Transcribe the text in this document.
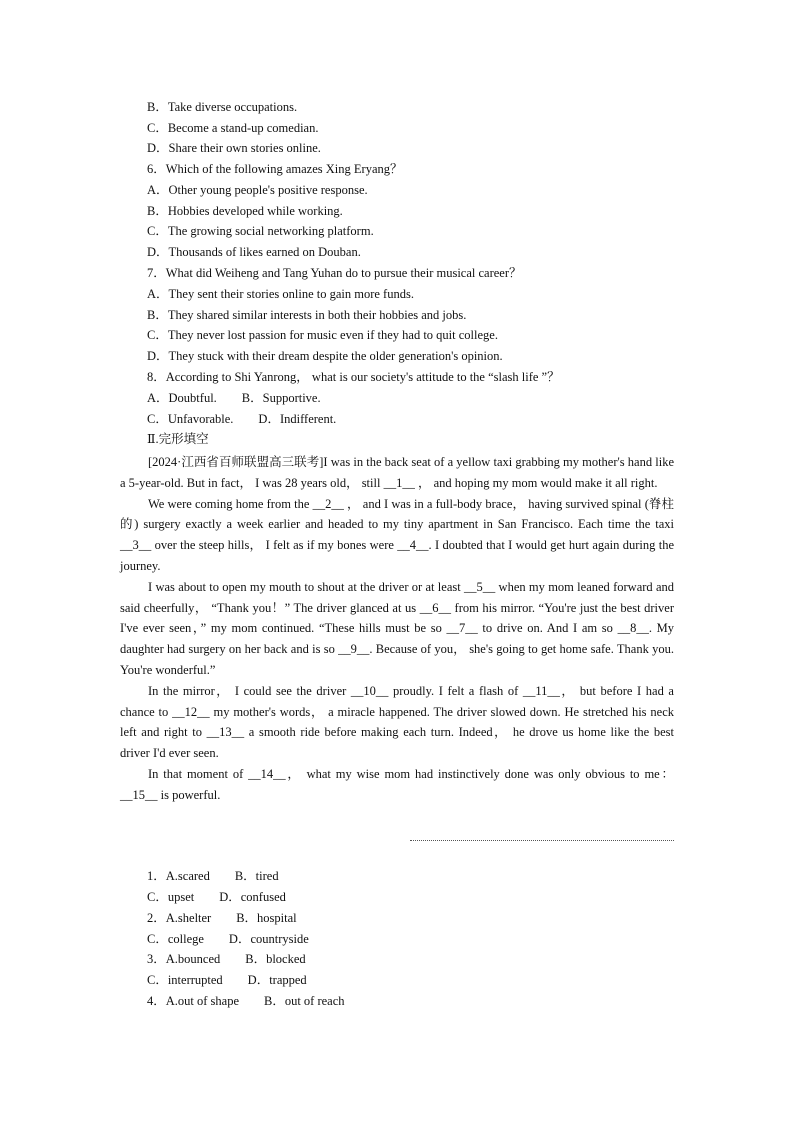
B．Take diverse occupations.
C．Become a stand-up comedian.
D．Share their own stories online.
6．Which of the following amazes Xing Eryang？
A．Other young people's positive response.
B．Hobbies developed while working.
C．The growing social networking platform.
D．Thousands of likes earned on Douban.
7．What did Weiheng and Tang Yuhan do to pursue their musical career？
A．They sent their stories online to gain more funds.
B．They shared similar interests in both their hobbies and jobs.
C．They never lost passion for music even if they had to quit college.
D．They stuck with their dream despite the older generation's opinion.
8．According to Shi Yanrong， what is our society's attitude to the “slash life ”？
A．Doubtful.　　B．Supportive.
C．Unfavorable.　　D．Indifferent.
Ⅱ.完形填空

[2024·江西省百师联盟高三联考]I was in the back seat of a yellow taxi grabbing my mother's hand like a 5-year-old. But in fact， I was 28 years old， still __1__ ， and hoping my mom would make it all right.

We were coming home from the __2__ ， and I was in a full-body brace， having survived spinal (脊柱的) surgery exactly a week earlier and headed to my tiny apartment in San Francisco. Each time the taxi __3__ over the steep hills， I felt as if my bones were __4__. I doubted that I would get hurt again during the journey.

I was about to open my mouth to shout at the driver or at least __5__ when my mom leaned forward and said cheerfully， “Thank you！” The driver glanced at us __6__ from his mirror. “You're just the best driver I've ever seen，” my mom continued. “These hills must be so __7__ to drive on. And I am so __8__. My daughter had surgery on her back and is so __9__. Because of you， she's going to get home safe. Thank you. You're wonderful.”

In the mirror， I could see the driver __10__ proudly. I felt a flash of __11__， but before I had a chance to __12__ my mother's words， a miracle happened. The driver slowed down. He stretched his neck left and right to __13__ a smooth ride before making each turn. Indeed， he drove us home like the best driver I'd ever seen.

In that moment of __14__， what my wise mom had instinctively done was only obvious to me： __15__ is powerful.

1．A.scared　　B．tired
C．upset　　D．confused
2．A.shelter　　B．hospital
C．college　　D．countryside
3．A.bounced　　B．blocked
C．interrupted　　D．trapped
4．A.out of shape　　B．out of reach
